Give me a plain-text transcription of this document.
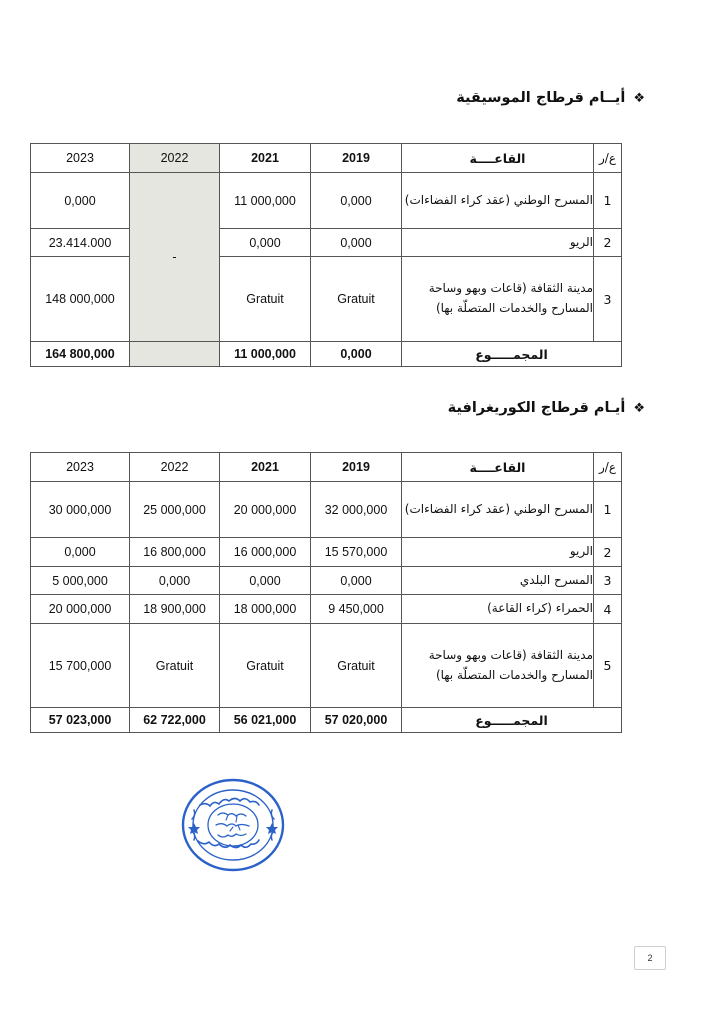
❖
أيــام قرطاج الموسيقية
2023	2022	2021	2019	القاعــــة	ع/ر
0,000	-	11 000,000	0,000	المسرح الوطني (عقد كراء الفضاءات)	1
23.414.000		0,000	0,000	الريو	2
148 000,000		Gratuit	Gratuit	مدينة الثقافة (قاعات وبهو وساحة المسارح والخدمات المتصلّة بها)	3
164 800,000		11 000,000	0,000	المجمـــــوع	
❖
أيـام قرطاج الكوريغرافية
2023	2022	2021	2019	القاعــــة	ع/ر
30 000,000	25 000,000	20 000,000	32 000,000	المسرح الوطني (عقد كراء الفضاءات)	1
0,000	16 800,000	16 000,000	15 570,000	الريو	2
5 000,000	0,000	0,000	0,000	المسرح البلدي	3
20 000,000	18 900,000	18 000,000	9 450,000	الحمراء (كراء القاعة)	4
15 700,000	Gratuit	Gratuit	Gratuit	مدينة الثقافة (قاعات وبهو وساحة المسارح والخدمات المتصلّة بها)	5
57 023,000	62 722,000	56 021,000	57 020,000	المجمـــــوع	
2
